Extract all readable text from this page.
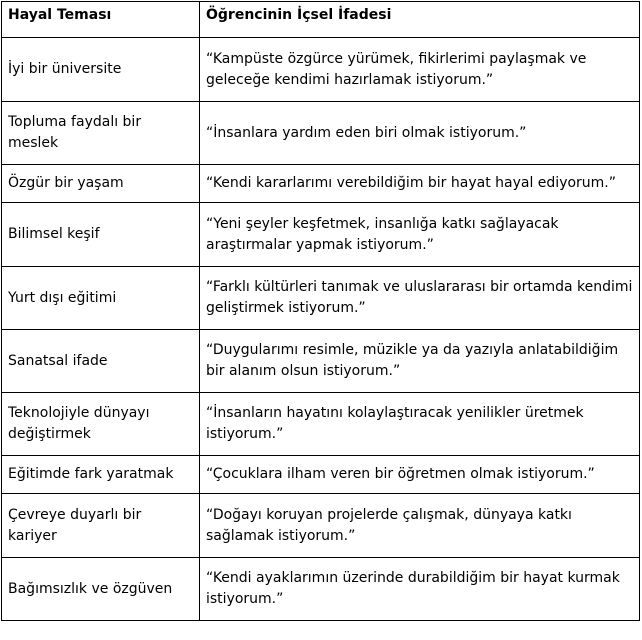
Hayal Teması	Öğrencinin İçsel İfadesi
İyi bir üniversite	“Kampüste özgürce yürümek, fikirlerimi paylaşmak ve geleceğe kendimi hazırlamak istiyorum.”
Topluma faydalı bir meslek	“İnsanlara yardım eden biri olmak istiyorum.”
Özgür bir yaşam	“Kendi kararlarımı verebildiğim bir hayat hayal ediyorum.”
Bilimsel keşif	“Yeni şeyler keşfetmek, insanlığa katkı sağlayacak araştırmalar yapmak istiyorum.”
Yurt dışı eğitimi	“Farklı kültürleri tanımak ve uluslararası bir ortamda kendimi geliştirmek istiyorum.”
Sanatsal ifade	“Duygularımı resimle, müzikle ya da yazıyla anlatabildiğim bir alanım olsun istiyorum.”
Teknolojiyle dünyayı değiştirmek	“İnsanların hayatını kolaylaştıracak yenilikler üretmek istiyorum.”
Eğitimde fark yaratmak	“Çocuklara ilham veren bir öğretmen olmak istiyorum.”
Çevreye duyarlı bir kariyer	“Doğayı koruyan projelerde çalışmak, dünyaya katkı sağlamak istiyorum.”
Bağımsızlık ve özgüven	“Kendi ayaklarımın üzerinde durabildiğim bir hayat kurmak istiyorum.”
